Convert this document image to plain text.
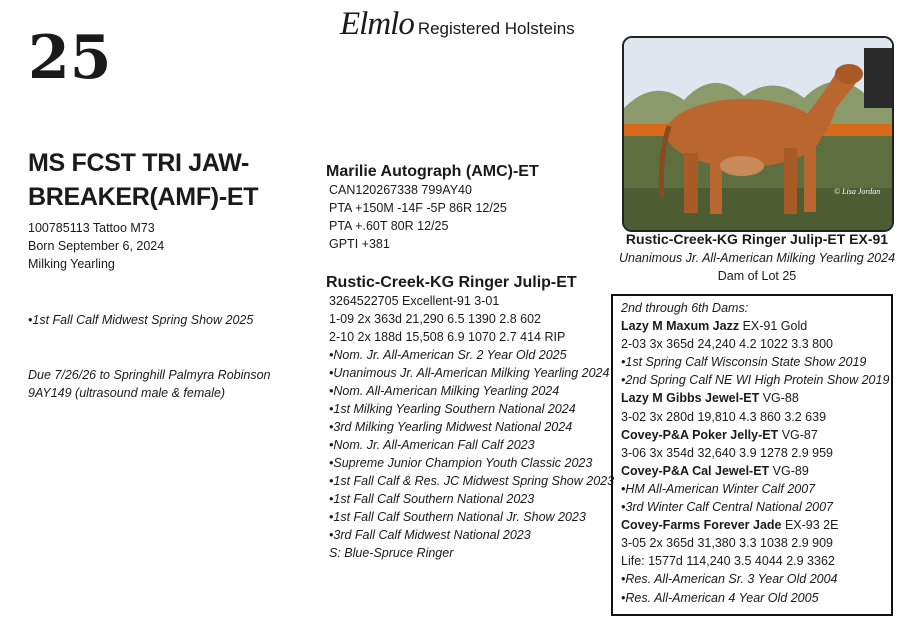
Elmlo Registered Holsteins
25
MS FCST TRI JAW-
BREAKER(AMF)-ET
100785113 Tattoo M73
Born September 6, 2024
Milking Yearling
•1st Fall Calf Midwest Spring Show 2025
Due 7/26/26 to Springhill Palmyra Robinson
9AY149 (ultrasound male & female)
Marilie Autograph (AMC)-ET
CAN120267338 799AY40
PTA +150M -14F -5P 86R 12/25
PTA +.60T 80R 12/25
GPTI +381
Rustic-Creek-KG Ringer Julip-ET
3264522705 Excellent-91 3-01
1-09 2x 363d 21,290 6.5 1390 2.8 602
2-10 2x 188d 15,508 6.9 1070 2.7 414 RIP
•Nom. Jr. All-American Sr. 2 Year Old 2025
•Unanimous Jr. All-American Milking Yearling 2024
•Nom. All-American Milking Yearling 2024
•1st Milking Yearling Southern National 2024
•3rd Milking Yearling Midwest National 2024
•Nom. Jr. All-American Fall Calf 2023
•Supreme Junior Champion Youth Classic 2023
•1st Fall Calf & Res. JC Midwest Spring Show 2023
•1st Fall Calf Southern National 2023
•1st Fall Calf Southern National Jr. Show 2023
•3rd Fall Calf Midwest National 2023
S: Blue-Spruce Ringer
© Lisa Jordan
Rustic-Creek-KG Ringer Julip-ET EX-91
Unanimous Jr. All-American Milking Yearling 2024
Dam of Lot 25
2nd through 6th Dams:
Lazy M Maxum Jazz EX-91 Gold
2-03 3x 365d 24,240 4.2 1022 3.3 800
•1st Spring Calf Wisconsin State Show 2019
•2nd Spring Calf NE WI High Protein Show 2019
Lazy M Gibbs Jewel-ET VG-88
3-02 3x 280d 19,810 4.3 860 3.2 639
Covey-P&A Poker Jelly-ET VG-87
3-06 3x 354d 32,640 3.9 1278 2.9 959
Covey-P&A Cal Jewel-ET VG-89
•HM All-American Winter Calf 2007
•3rd Winter Calf Central National 2007
Covey-Farms Forever Jade EX-93 2E
3-05 2x 365d 31,380 3.3 1038 2.9 909
Life: 1577d 114,240 3.5 4044 2.9 3362
•Res. All-American Sr. 3 Year Old 2004
•Res. All-American 4 Year Old 2005
